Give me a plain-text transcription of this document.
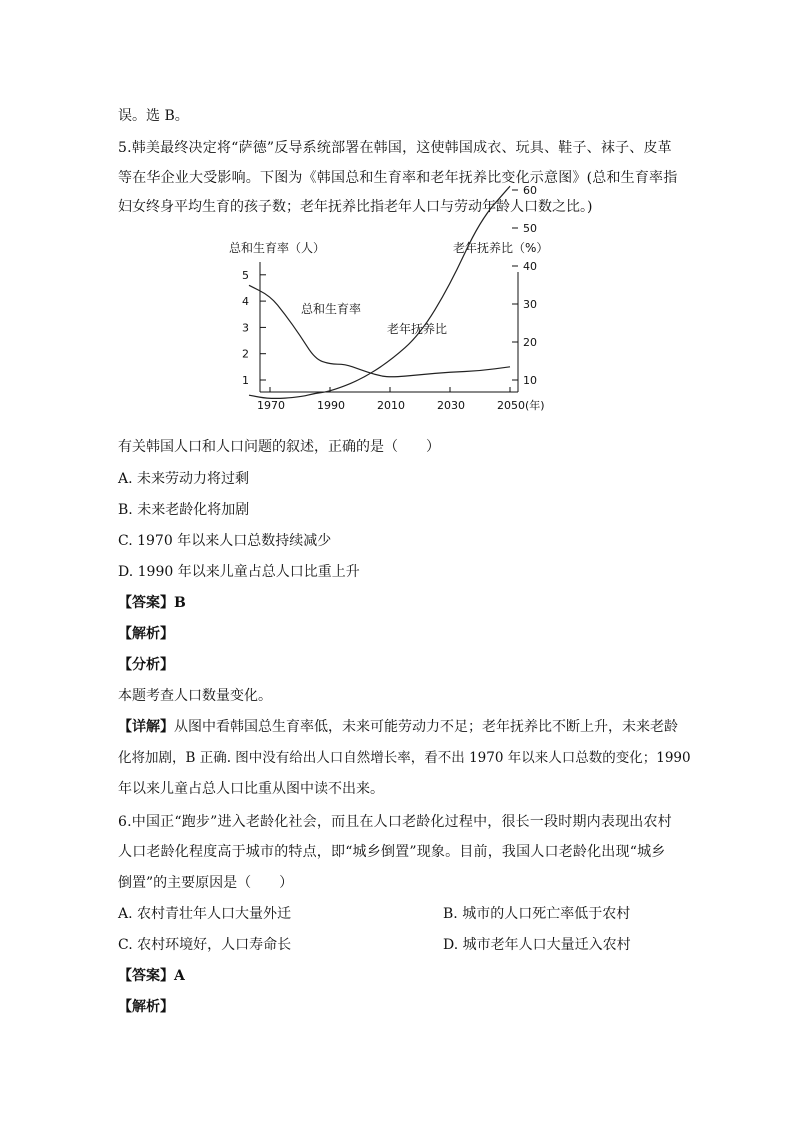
误。选 B。
5.韩美最终决定将“萨德”反导系统部署在韩国，这使韩国成衣、玩具、鞋子、袜子、皮革
等在华企业大受影响。下图为《韩国总和生育率和老年抚养比变化示意图》(总和生育率指
妇女终身平均生育的孩子数；老年抚养比指老年人口与劳动年龄人口数之比。)
总和生育率（人）	老年抚养比（%）
1
2
3
4
5
10
20
30
40
50
60
1970	1990	2010	2030	2050(年)
总和生育率
老年抚养比
有关韩国人口和人口问题的叙述，正确的是（　　）
A. 未来劳动力将过剩
B. 未来老龄化将加剧
C. 1970 年以来人口总数持续减少
D. 1990 年以来儿童占总人口比重上升
【答案】B
【解析】
【分析】
本题考查人口数量变化。
【详解】从图中看韩国总生育率低，未来可能劳动力不足；老年抚养比不断上升，未来老龄
化将加剧，B 正确. 图中没有给出人口自然增长率，看不出 1970 年以来人口总数的变化；1990
年以来儿童占总人口比重从图中读不出来。
6.中国正“跑步”进入老龄化社会，而且在人口老龄化过程中，很长一段时期内表现出农村
人口老龄化程度高于城市的特点，即“城乡倒置”现象。目前，我国人口老龄化出现“城乡
倒置”的主要原因是（　　）
A. 农村青壮年人口大量外迁	B. 城市的人口死亡率低于农村
C. 农村环境好，人口寿命长	D. 城市老年人口大量迁入农村
【答案】A
【解析】
